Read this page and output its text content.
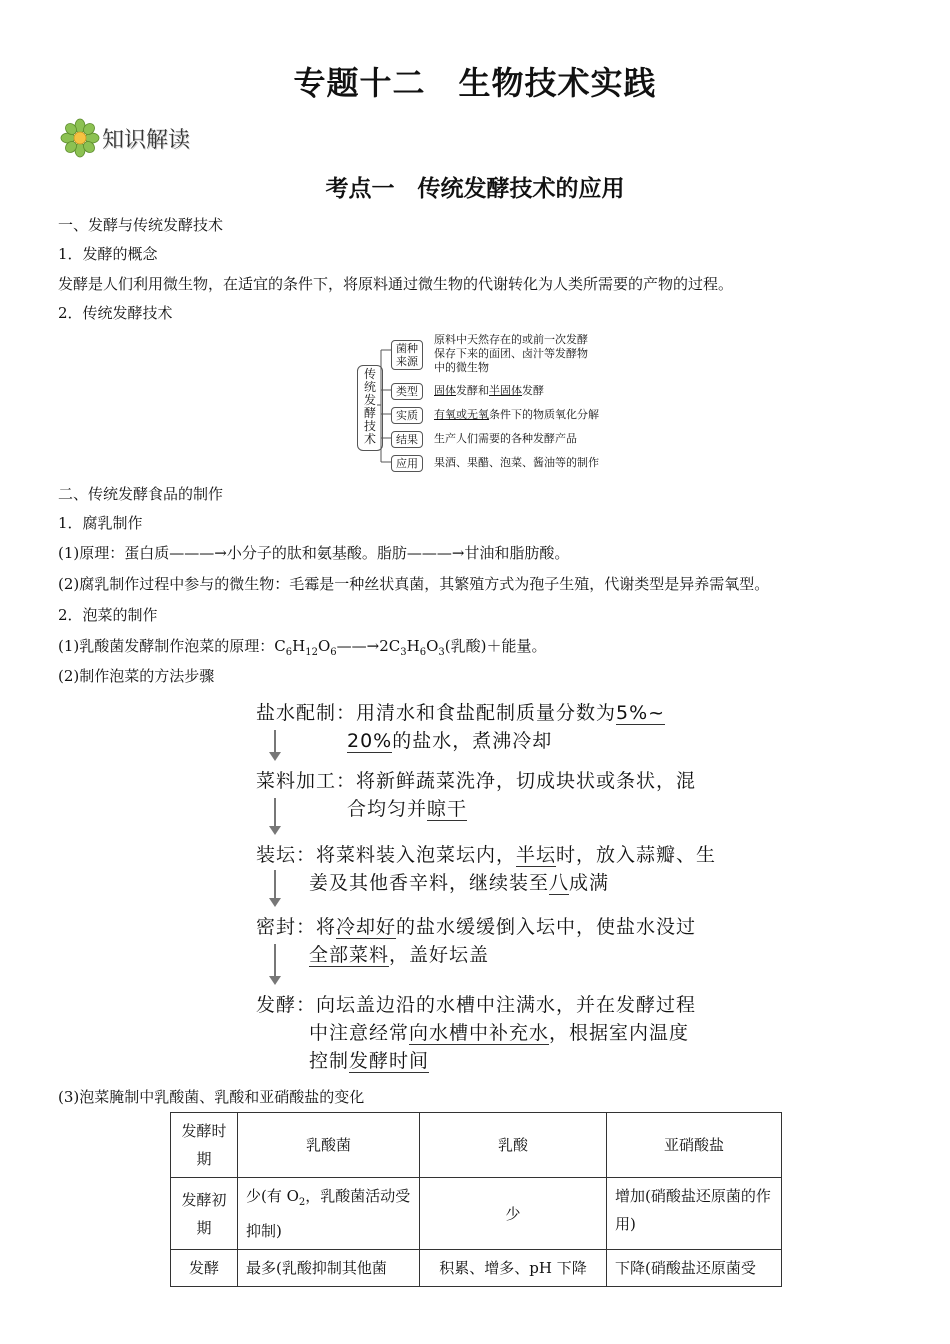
专题十二　生物技术实践
知识解读
考点一　传统发酵技术的应用
一、发酵与传统发酵技术
1．发酵的概念
发酵是人们利用微生物，在适宜的条件下，将原料通过微生物的代谢转化为人类所需要的产物的过程。
2．传统发酵技术
传统发酵技术
菌种来源
原料中天然存在的或前一次发酵
保存下来的面团、卤汁等发酵物
中的微生物
类型	固体发酵和半固体发酵
实质	有氧或无氧条件下的物质氧化分解
结果	生产人们需要的各种发酵产品
应用	果酒、果醋、泡菜、酱油等的制作
二、传统发酵食品的制作
1．腐乳制作
(1)原理：蛋白质———→小分子的肽和氨基酸。脂肪———→甘油和脂肪酸。
(2)腐乳制作过程中参与的微生物：毛霉是一种丝状真菌，其繁殖方式为孢子生殖，代谢类型是异养需氧型。
2．泡菜的制作
(1)乳酸菌发酵制作泡菜的原理：$C_6H_{12}O_6——\to 2C_3H_6O_3$(乳酸)＋能量。
(2)制作泡菜的方法步骤
盐水配制：用清水和食盐配制质量分数为5%~
20%的盐水，煮沸冷却
菜料加工：将新鲜蔬菜洗净，切成块状或条状，混
合均匀并晾干
装坛：将菜料装入泡菜坛内，半坛时，放入蒜瓣、生
姜及其他香辛料，继续装至八成满
密封：将冷却好的盐水缓缓倒入坛中，使盐水没过
全部菜料，盖好坛盖
发酵：向坛盖边沿的水槽中注满水，并在发酵过程
中注意经常向水槽中补充水，根据室内温度
控制发酵时间
(3)泡菜腌制中乳酸菌、乳酸和亚硝酸盐的变化
发酵时期	乳酸菌	乳酸	亚硝酸盐
发酵初期	少(有 $O_2$，乳酸菌活动受抑制)	少	增加(硝酸盐还原菌的作用)
发酵	最多(乳酸抑制其他菌	积累、增多、pH 下降	下降(硝酸盐还原菌受
